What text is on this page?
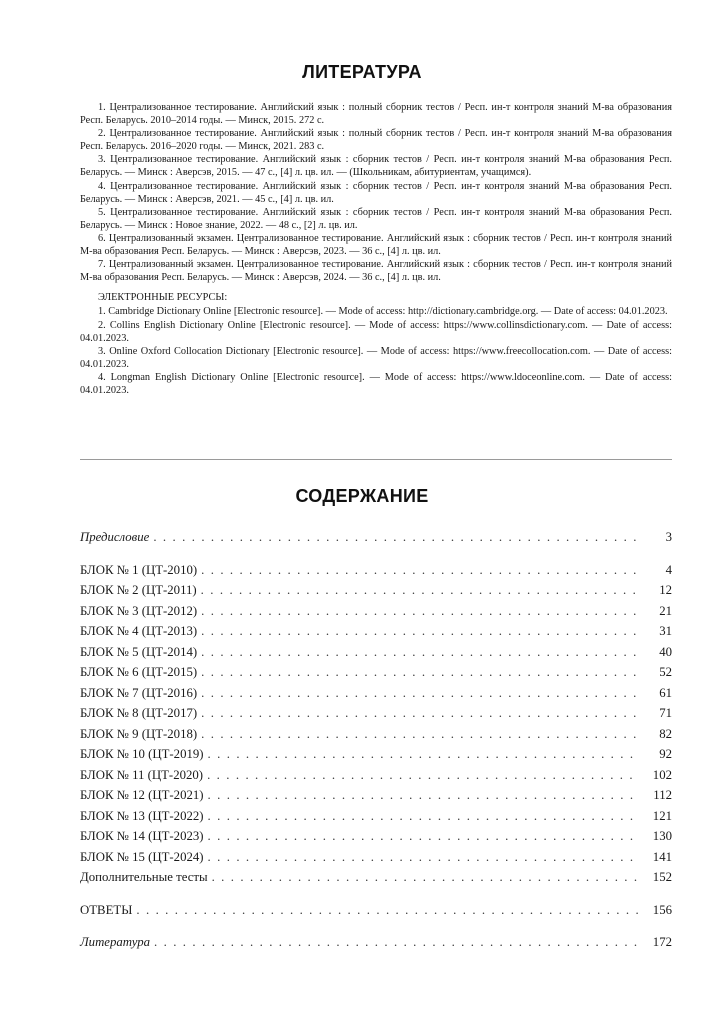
ЛИТЕРАТУРА

1. Централизованное тестирование. Английский язык : полный сборник тестов / Респ. ин-т контроля знаний М-ва образования Респ. Беларусь. 2010–2014 годы. — Минск, 2015. 272 с.

2. Централизованное тестирование. Английский язык : полный сборник тестов / Респ. ин-т контроля знаний М-ва образования Респ. Беларусь. 2016–2020 годы. — Минск, 2021. 283 с.

3. Централизованное тестирование. Английский язык : сборник тестов / Респ. ин-т контроля знаний М-ва образования Респ. Беларусь. — Минск : Аверсэв, 2015. — 47 с., [4] л. цв. ил. — (Школьникам, абитуриентам, учащимся).

4. Централизованное тестирование. Английский язык : сборник тестов / Респ. ин-т контроля знаний М-ва образования Респ. Беларусь. — Минск : Аверсэв, 2021. — 45 с., [4] л. цв. ил.

5. Централизованное тестирование. Английский язык : сборник тестов / Респ. ин-т контроля знаний М-ва образования Респ. Беларусь. — Минск : Новое знание, 2022. — 48 с., [2] л. цв. ил.

6. Централизованный экзамен. Централизованное тестирование. Английский язык : сборник тестов / Респ. ин-т контроля знаний М-ва образования Респ. Беларусь. — Минск : Аверсэв, 2023. — 36 с., [4] л. цв. ил.

7. Централизованный экзамен. Централизованное тестирование. Английский язык : сборник тестов / Респ. ин-т контроля знаний М-ва образования Респ. Беларусь. — Минск : Аверсэв, 2024. — 36 с., [4] л. цв. ил.

ЭЛЕКТРОННЫЕ РЕСУРСЫ:

1. Cambridge Dictionary Online [Electronic resource]. — Mode of access: http://dictionary.cambridge.org. — Date of access: 04.01.2023.

2. Collins English Dictionary Online [Electronic resource]. — Mode of access: https://www.collinsdictionary.com. — Date of access: 04.01.2023.

3. Online Oxford Collocation Dictionary [Electronic resource]. — Mode of access: https://www.freecollocation.com. — Date of access: 04.01.2023.

4. Longman English Dictionary Online [Electronic resource]. — Mode of access: https://www.ldoceonline.com. — Date of access: 04.01.2023.

СОДЕРЖАНИЕ
Предисловие . . .	3
БЛОК № 1 (ЦТ-2010) . . .	4
БЛОК № 2 (ЦТ-2011) . . .	12
БЛОК № 3 (ЦТ-2012) . . .	21
БЛОК № 4 (ЦТ-2013) . . .	31
БЛОК № 5 (ЦТ-2014) . . .	40
БЛОК № 6 (ЦТ-2015) . . .	52
БЛОК № 7 (ЦТ-2016) . . .	61
БЛОК № 8 (ЦТ-2017) . . .	71
БЛОК № 9 (ЦТ-2018) . . .	82
БЛОК № 10 (ЦТ-2019) . . .	92
БЛОК № 11 (ЦТ-2020) . . .	102
БЛОК № 12 (ЦТ-2021) . . .	112
БЛОК № 13 (ЦТ-2022) . . .	121
БЛОК № 14 (ЦТ-2023) . . .	130
БЛОК № 15 (ЦТ-2024) . . .	141
Дополнительные тесты . . .	152
ОТВЕТЫ . . .	156
Литература . . .	172
